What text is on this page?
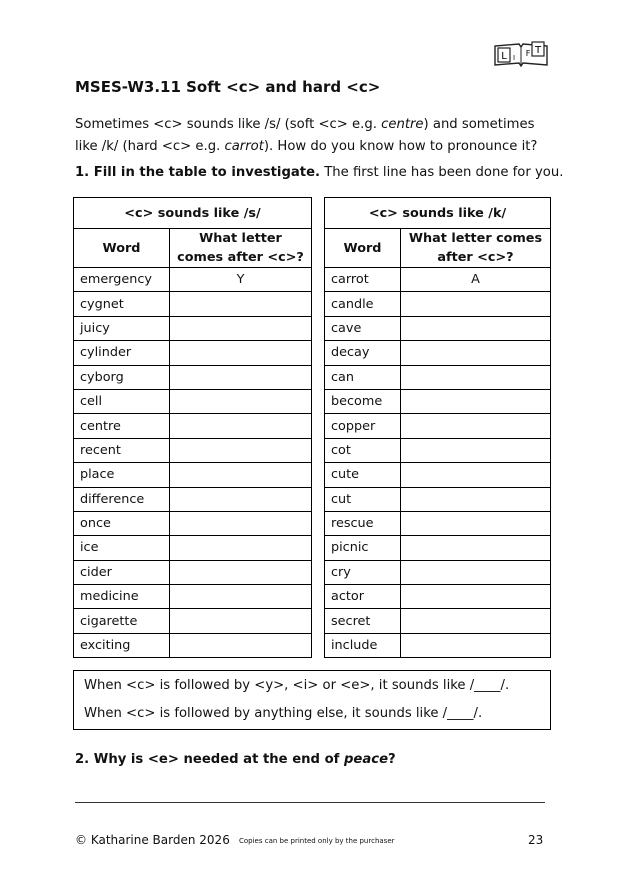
L I F T
MSES-W3.11 Soft <c> and hard <c>
Sometimes <c> sounds like /s/ (soft <c> e.g. centre) and sometimes like /k/ (hard <c> e.g. carrot). How do you know how to pronounce it?
1. Fill in the table to investigate. The first line has been done for you.
<c> sounds like /s/	
Word	What letter comes after <c>?
emergency	Y
cygnet	
juicy	
cylinder	
cyborg	
cell	
centre	
recent	
place	
difference	
once	
ice	
cider	
medicine	
cigarette	
exciting	
<c> sounds like /k/	
Word	What letter comes after <c>?
carrot	A
candle	
cave	
decay	
can	
become	
copper	
cot	
cute	
cut	
rescue	
picnic	
cry	
actor	
secret	
include	
When <c> is followed by <y>, <i> or <e>, it sounds like /____/.
When <c> is followed by anything else, it sounds like /____/.
2. Why is <e> needed at the end of peace?
© Katharine Barden 2026 Copies can be printed only by the purchaser	23
